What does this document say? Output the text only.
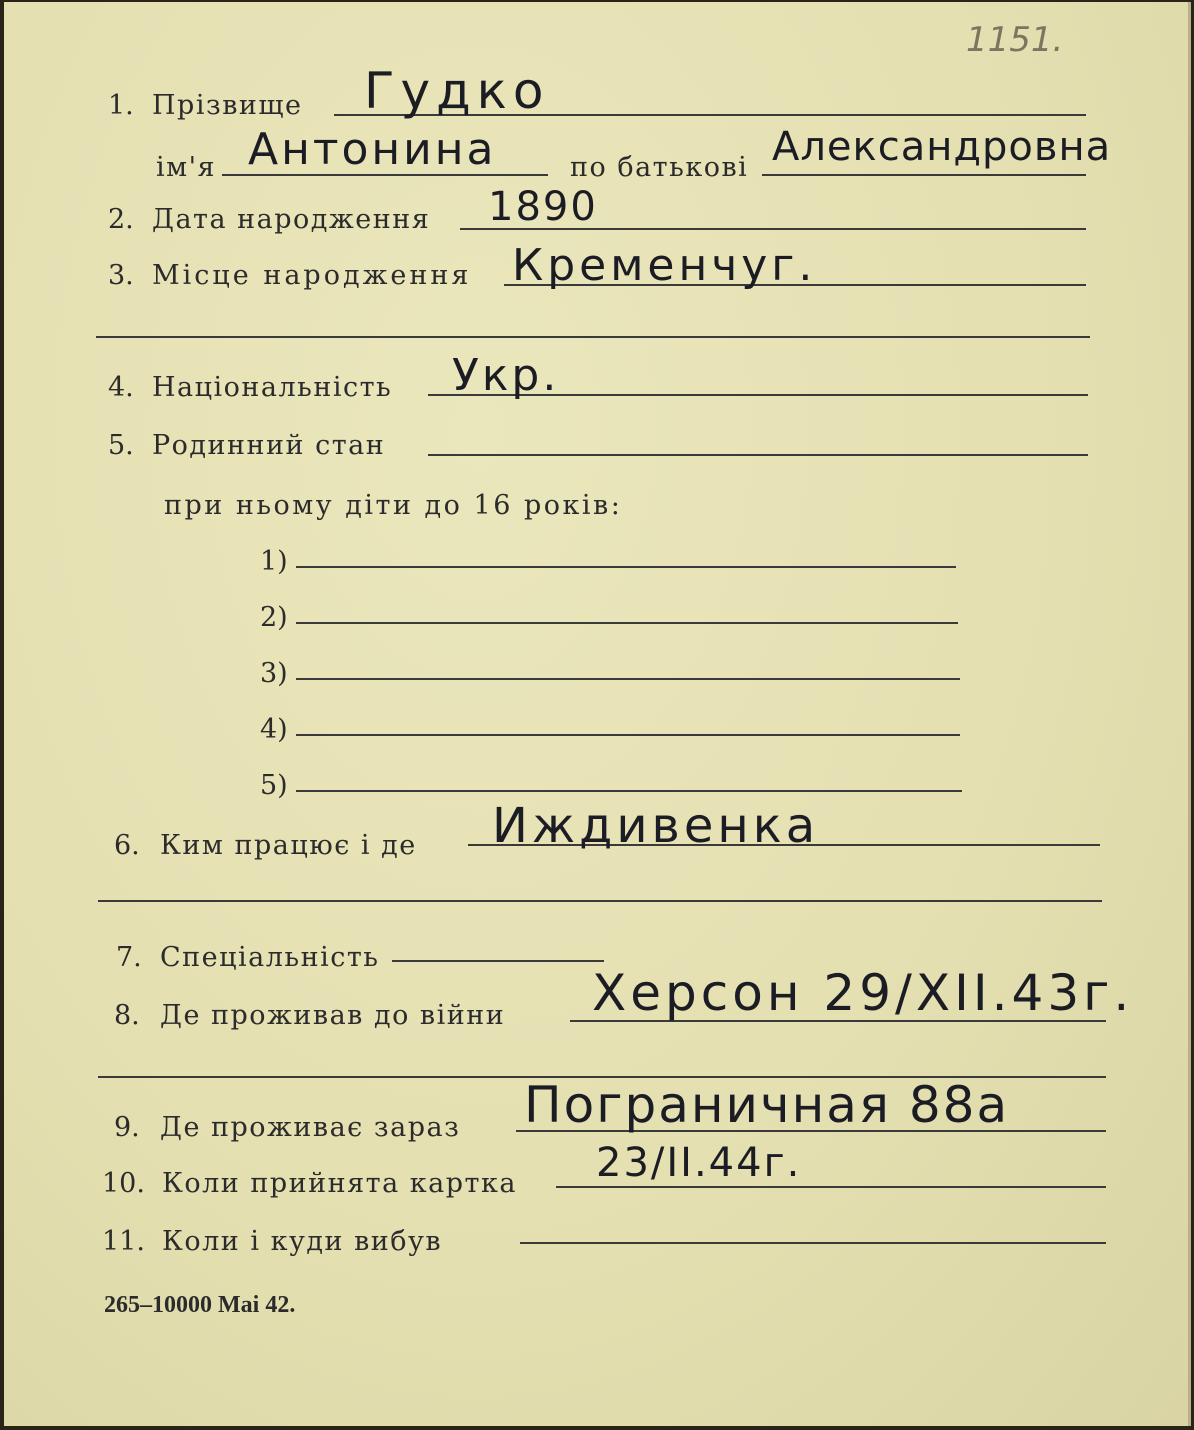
1151.
1. Прізвище Гудко
ім'я Антонина	по батькові Александровна
2. Дата народження 1890
3. Місце народження Кременчуг.
4. Національність Укр.
5. Родинний стан
при ньому діти до 16 років:
1)
2)
3)
4)
5)
6. Ким працює і де Иждивенка
7. Спеціальність
8. Де проживав до війни Херсон 29/XII.43г.
9. Де проживає зараз Пограничная 88а
10. Коли прийнята картка 23/II.44г.
11. Коли і куди вибув
265–10000 Mai 42.
